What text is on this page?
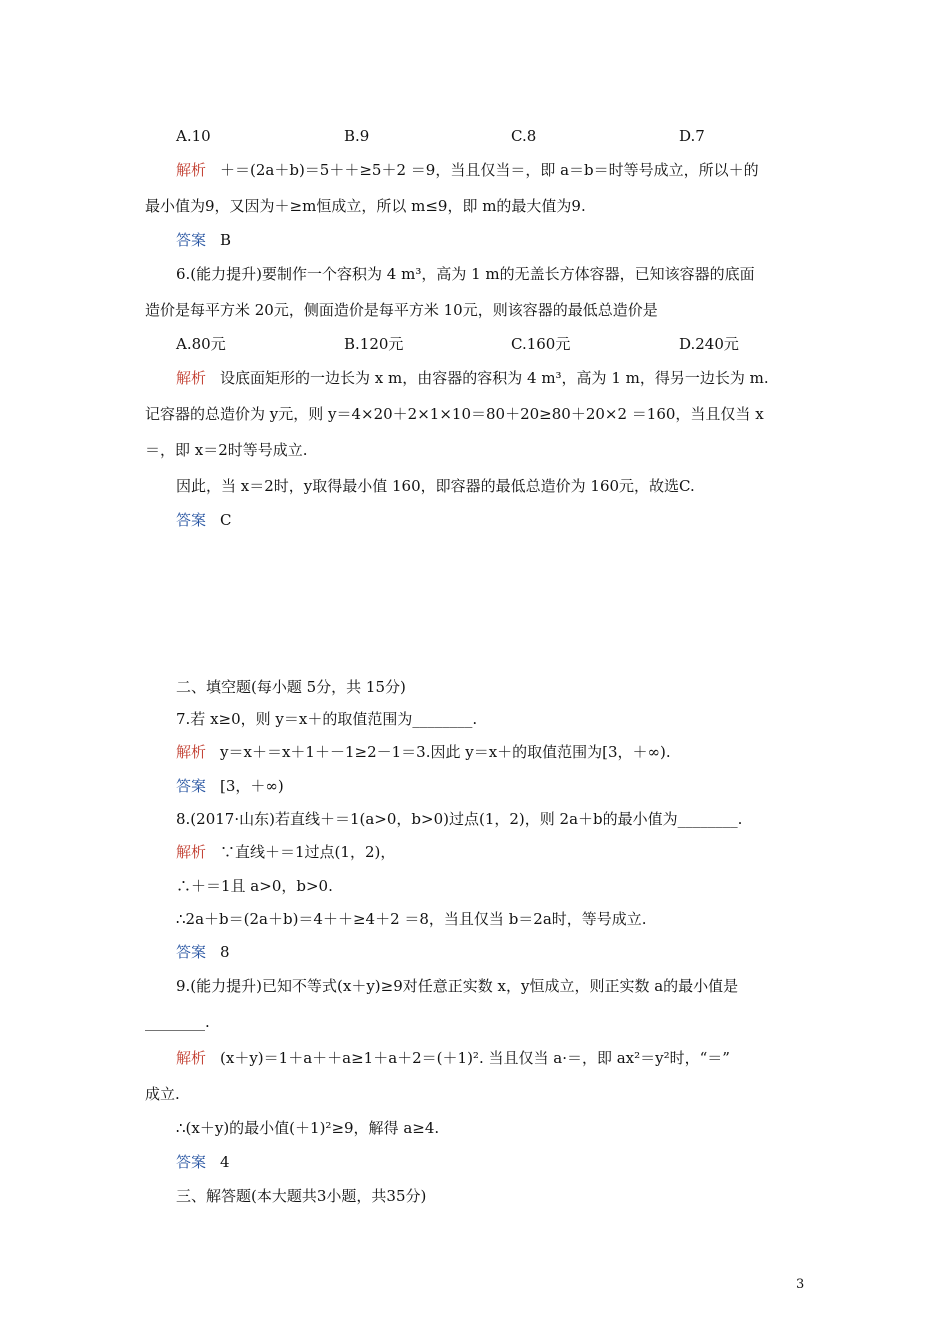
A.10	B.9	C.8	D.7
解析 ＋＝(2a＋b)＝5＋＋≥5＋2 ＝9，当且仅当＝，即 a＝b＝时等号成立，所以＋的
最小值为9，又因为＋≥m恒成立，所以 m≤9，即 m的最大值为9.
答案 B
6.(能力提升)要制作一个容积为 4 m³，高为 1 m的无盖长方体容器，已知该容器的底面
造价是每平方米 20元，侧面造价是每平方米 10元，则该容器的最低总造价是
A.80元	B.120元	C.160元	D.240元
解析 设底面矩形的一边长为 x m，由容器的容积为 4 m³，高为 1 m，得另一边长为 m.
记容器的总造价为 y元，则 y＝4×20＋2×1×10＝80＋20≥80＋20×2 ＝160，当且仅当 x
＝，即 x＝2时等号成立.
因此，当 x＝2时，y取得最小值 160，即容器的最低总造价为 160元，故选C.
答案 C
二、填空题(每小题 5分，共 15分)
7.若 x≥0，则 y＝x＋的取值范围为________.
解析 y＝x＋＝x＋1＋－1≥2－1＝3.因此 y＝x＋的取值范围为[3，＋∞).
答案 [3，＋∞)
8.(2017·山东)若直线＋＝1(a>0，b>0)过点(1，2)，则 2a＋b的最小值为________.
解析 ∵直线＋＝1过点(1，2)，
∴＋＝1且 a>0，b>0.
∴2a＋b＝(2a＋b)＝4＋＋≥4＋2 ＝8，当且仅当 b＝2a时，等号成立.
答案 8
9.(能力提升)已知不等式(x＋y)≥9对任意正实数 x，y恒成立，则正实数 a的最小值是
________.
解析 (x＋y)＝1＋a＋＋a≥1＋a＋2＝(＋1)². 当且仅当 a·＝，即 ax²＝y²时，“＝”
成立.
∴(x＋y)的最小值(＋1)²≥9，解得 a≥4.
答案 4
三、解答题(本大题共3小题，共35分)
3
